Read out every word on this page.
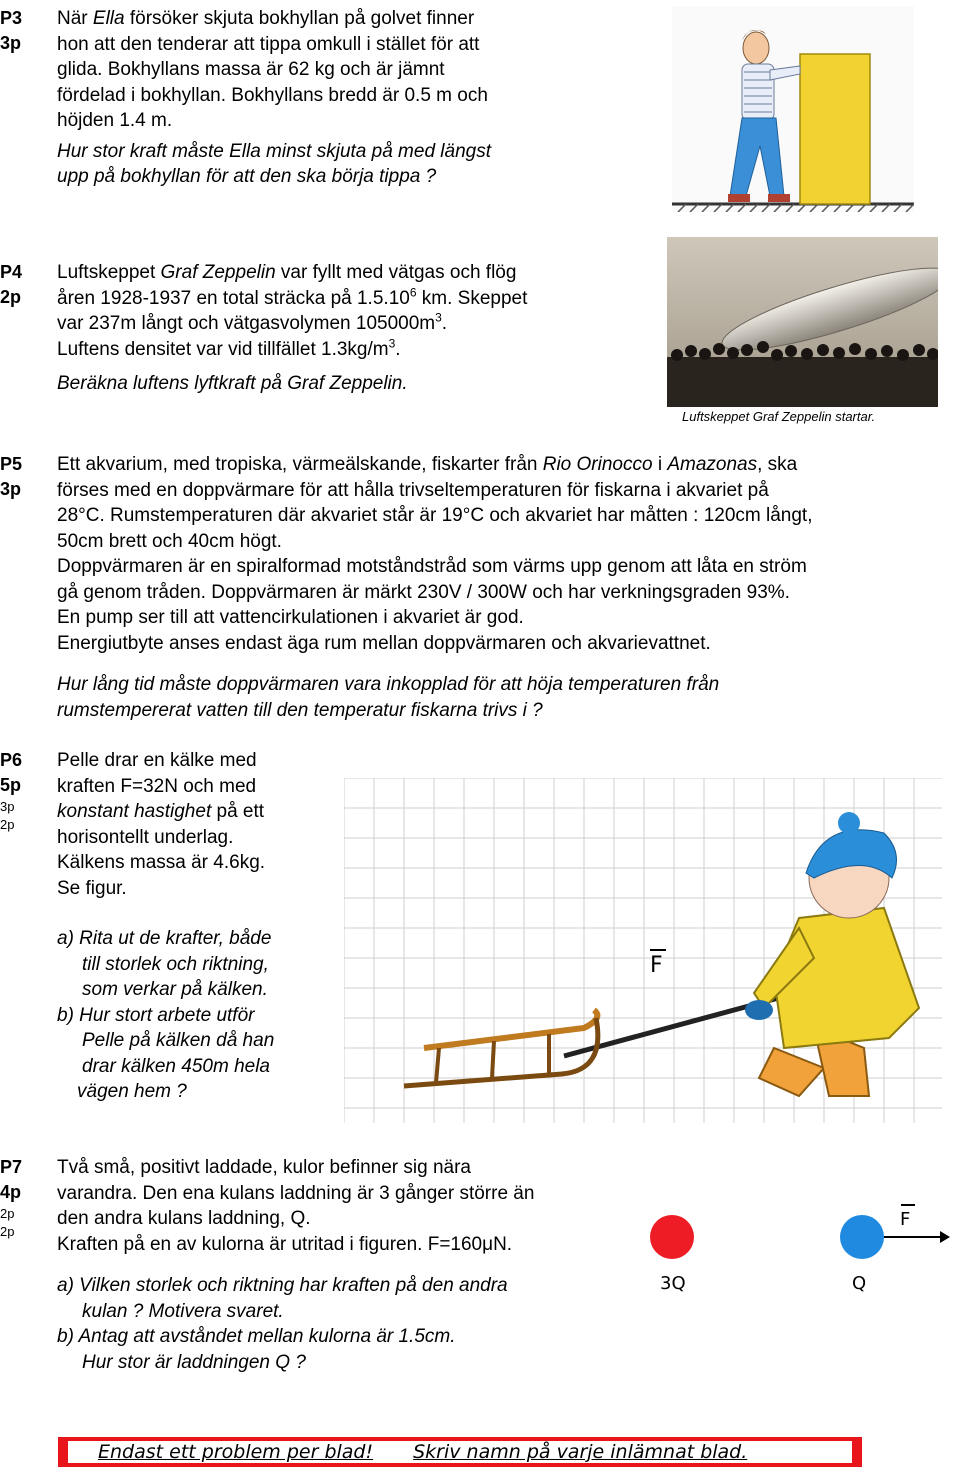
P3
3p
När Ella försöker skjuta bokhyllan på golvet finner
hon att den tenderar att tippa omkull i stället för att
glida. Bokhyllans massa är 62 kg och är jämnt
fördelad i bokhyllan. Bokhyllans bredd är 0.5 m och
höjden 1.4 m.
Hur stor kraft måste Ella minst skjuta på med längst
upp på bokhyllan för att den ska börja tippa ?
P4
2p
Luftskeppet Graf Zeppelin var fyllt med vätgas och flög
åren 1928-1937 en total sträcka på 1.5.10$^6$ km. Skeppet
var 237m långt och vätgasvolymen $105000m^3$.
Luftens densitet var vid tillfället $1.3kg/m^3$.
Beräkna luftens lyftkraft på Graf Zeppelin.
Luftskeppet Graf Zeppelin startar.
P5
3p
Ett akvarium, med tropiska, värmeälskande, fiskarter från Rio Orinocco i Amazonas, ska
förses med en doppvärmare för att hålla trivseltemperaturen för fiskarna i akvariet på
28°C. Rumstemperaturen där akvariet står är 19°C och akvariet har måtten : 120cm långt,
50cm brett och 40cm högt.
Doppvärmaren är en spiralformad motståndstråd som värms upp genom att låta en ström
gå genom tråden. Doppvärmaren är märkt 230V / 300W och har verkningsgraden 93%.
En pump ser till att vattencirkulationen i akvariet är god.
Energiutbyte anses endast äga rum mellan doppvärmaren och akvarievattnet.
Hur lång tid måste doppvärmaren vara inkopplad för att höja temperaturen från
rumstempererat vatten till den temperatur fiskarna trivs i ?
P6
5p
3p
2p
Pelle drar en kälke med
kraften F=32N och med
konstant hastighet på ett
horisontellt underlag.
Kälkens massa är 4.6kg.
Se figur.
a) Rita ut de krafter, både
till storlek och riktning,
som verkar på kälken.
b) Hur stort arbete utför
Pelle på kälken då han
drar kälken 450m hela
vägen hem ?
F
P7
4p
2p
2p
Två små, positivt laddade, kulor befinner sig nära
varandra. Den ena kulans laddning är 3 gånger större än
den andra kulans laddning, Q.
Kraften på en av kulorna är utritad i figuren. F=160μN.
a) Vilken storlek och riktning har kraften på den andra
kulan ? Motivera svaret.
b) Antag att avståndet mellan kulorna är 1.5cm.
Hur stor är laddningen Q ?
3Q	Q
F
Endast ett problem per blad! Skriv namn på varje inlämnat blad.
